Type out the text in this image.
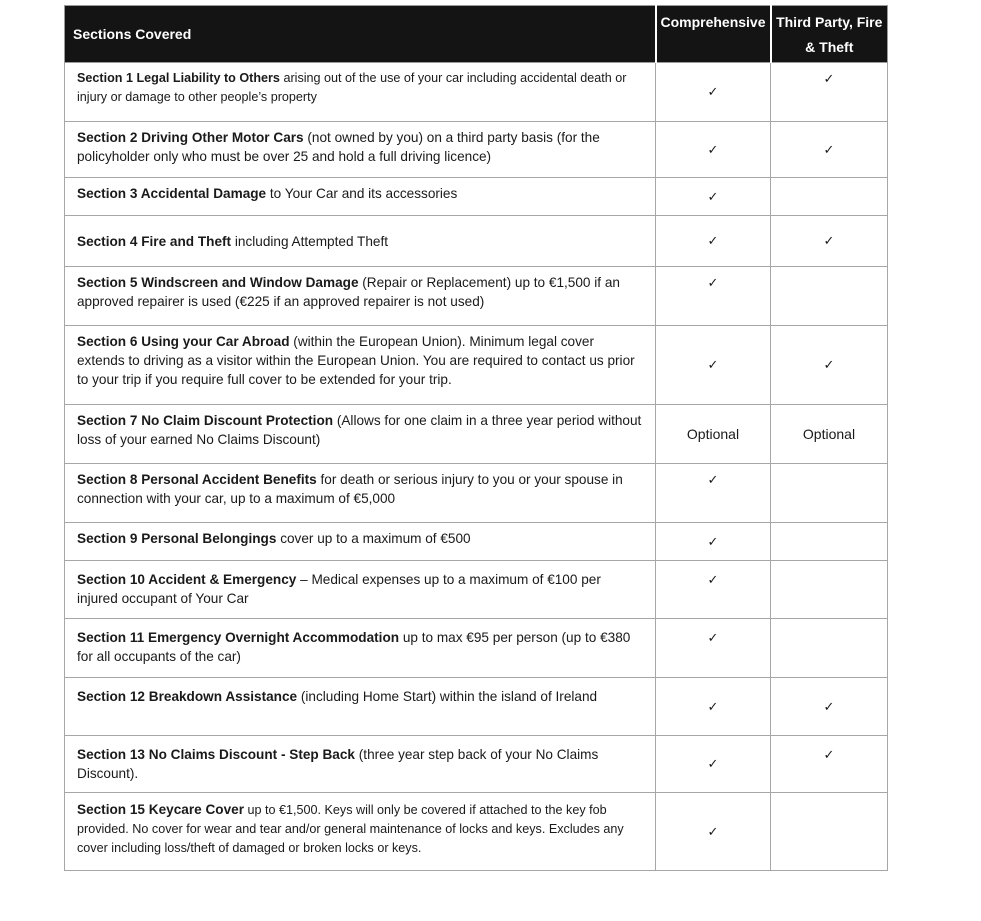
Sections Covered	Comprehensive	Third Party, Fire & Theft
Section 1 Legal Liability to Others arising out of the use of your car including accidental death or injury or damage to other people’s property	✓	✓
Section 2 Driving Other Motor Cars (not owned by you) on a third party basis (for the policyholder only who must be over 25 and hold a full driving licence)	✓	✓
Section 3 Accidental Damage to Your Car and its accessories	✓	
Section 4 Fire and Theft including Attempted Theft	✓	✓
Section 5 Windscreen and Window Damage (Repair or Replacement) up to €1,500 if an approved repairer is used (€225 if an approved repairer is not used)	✓	
Section 6 Using your Car Abroad (within the European Union). Minimum legal cover extends to driving as a visitor within the European Union. You are required to contact us prior to your trip if you require full cover to be extended for your trip.	✓	✓
Section 7 No Claim Discount Protection (Allows for one claim in a three year period without loss of your earned No Claims Discount)	Optional	Optional
Section 8 Personal Accident Benefits for death or serious injury to you or your spouse in connection with your car, up to a maximum of €5,000	✓	
Section 9 Personal Belongings cover up to a maximum of €500	✓	
Section 10 Accident & Emergency – Medical expenses up to a maximum of €100 per injured occupant of Your Car	✓	
Section 11 Emergency Overnight Accommodation up to max €95 per person (up to €380 for all occupants of the car)	✓	
Section 12 Breakdown Assistance (including Home Start) within the island of Ireland	✓	✓
Section 13 No Claims Discount - Step Back (three year step back of your No Claims Discount).	✓	✓
Section 15 Keycare Cover up to €1,500. Keys will only be covered if attached to the key fob provided. No cover for wear and tear and/or general maintenance of locks and keys. Excludes any cover including loss/theft of damaged or broken locks or keys.	✓	
